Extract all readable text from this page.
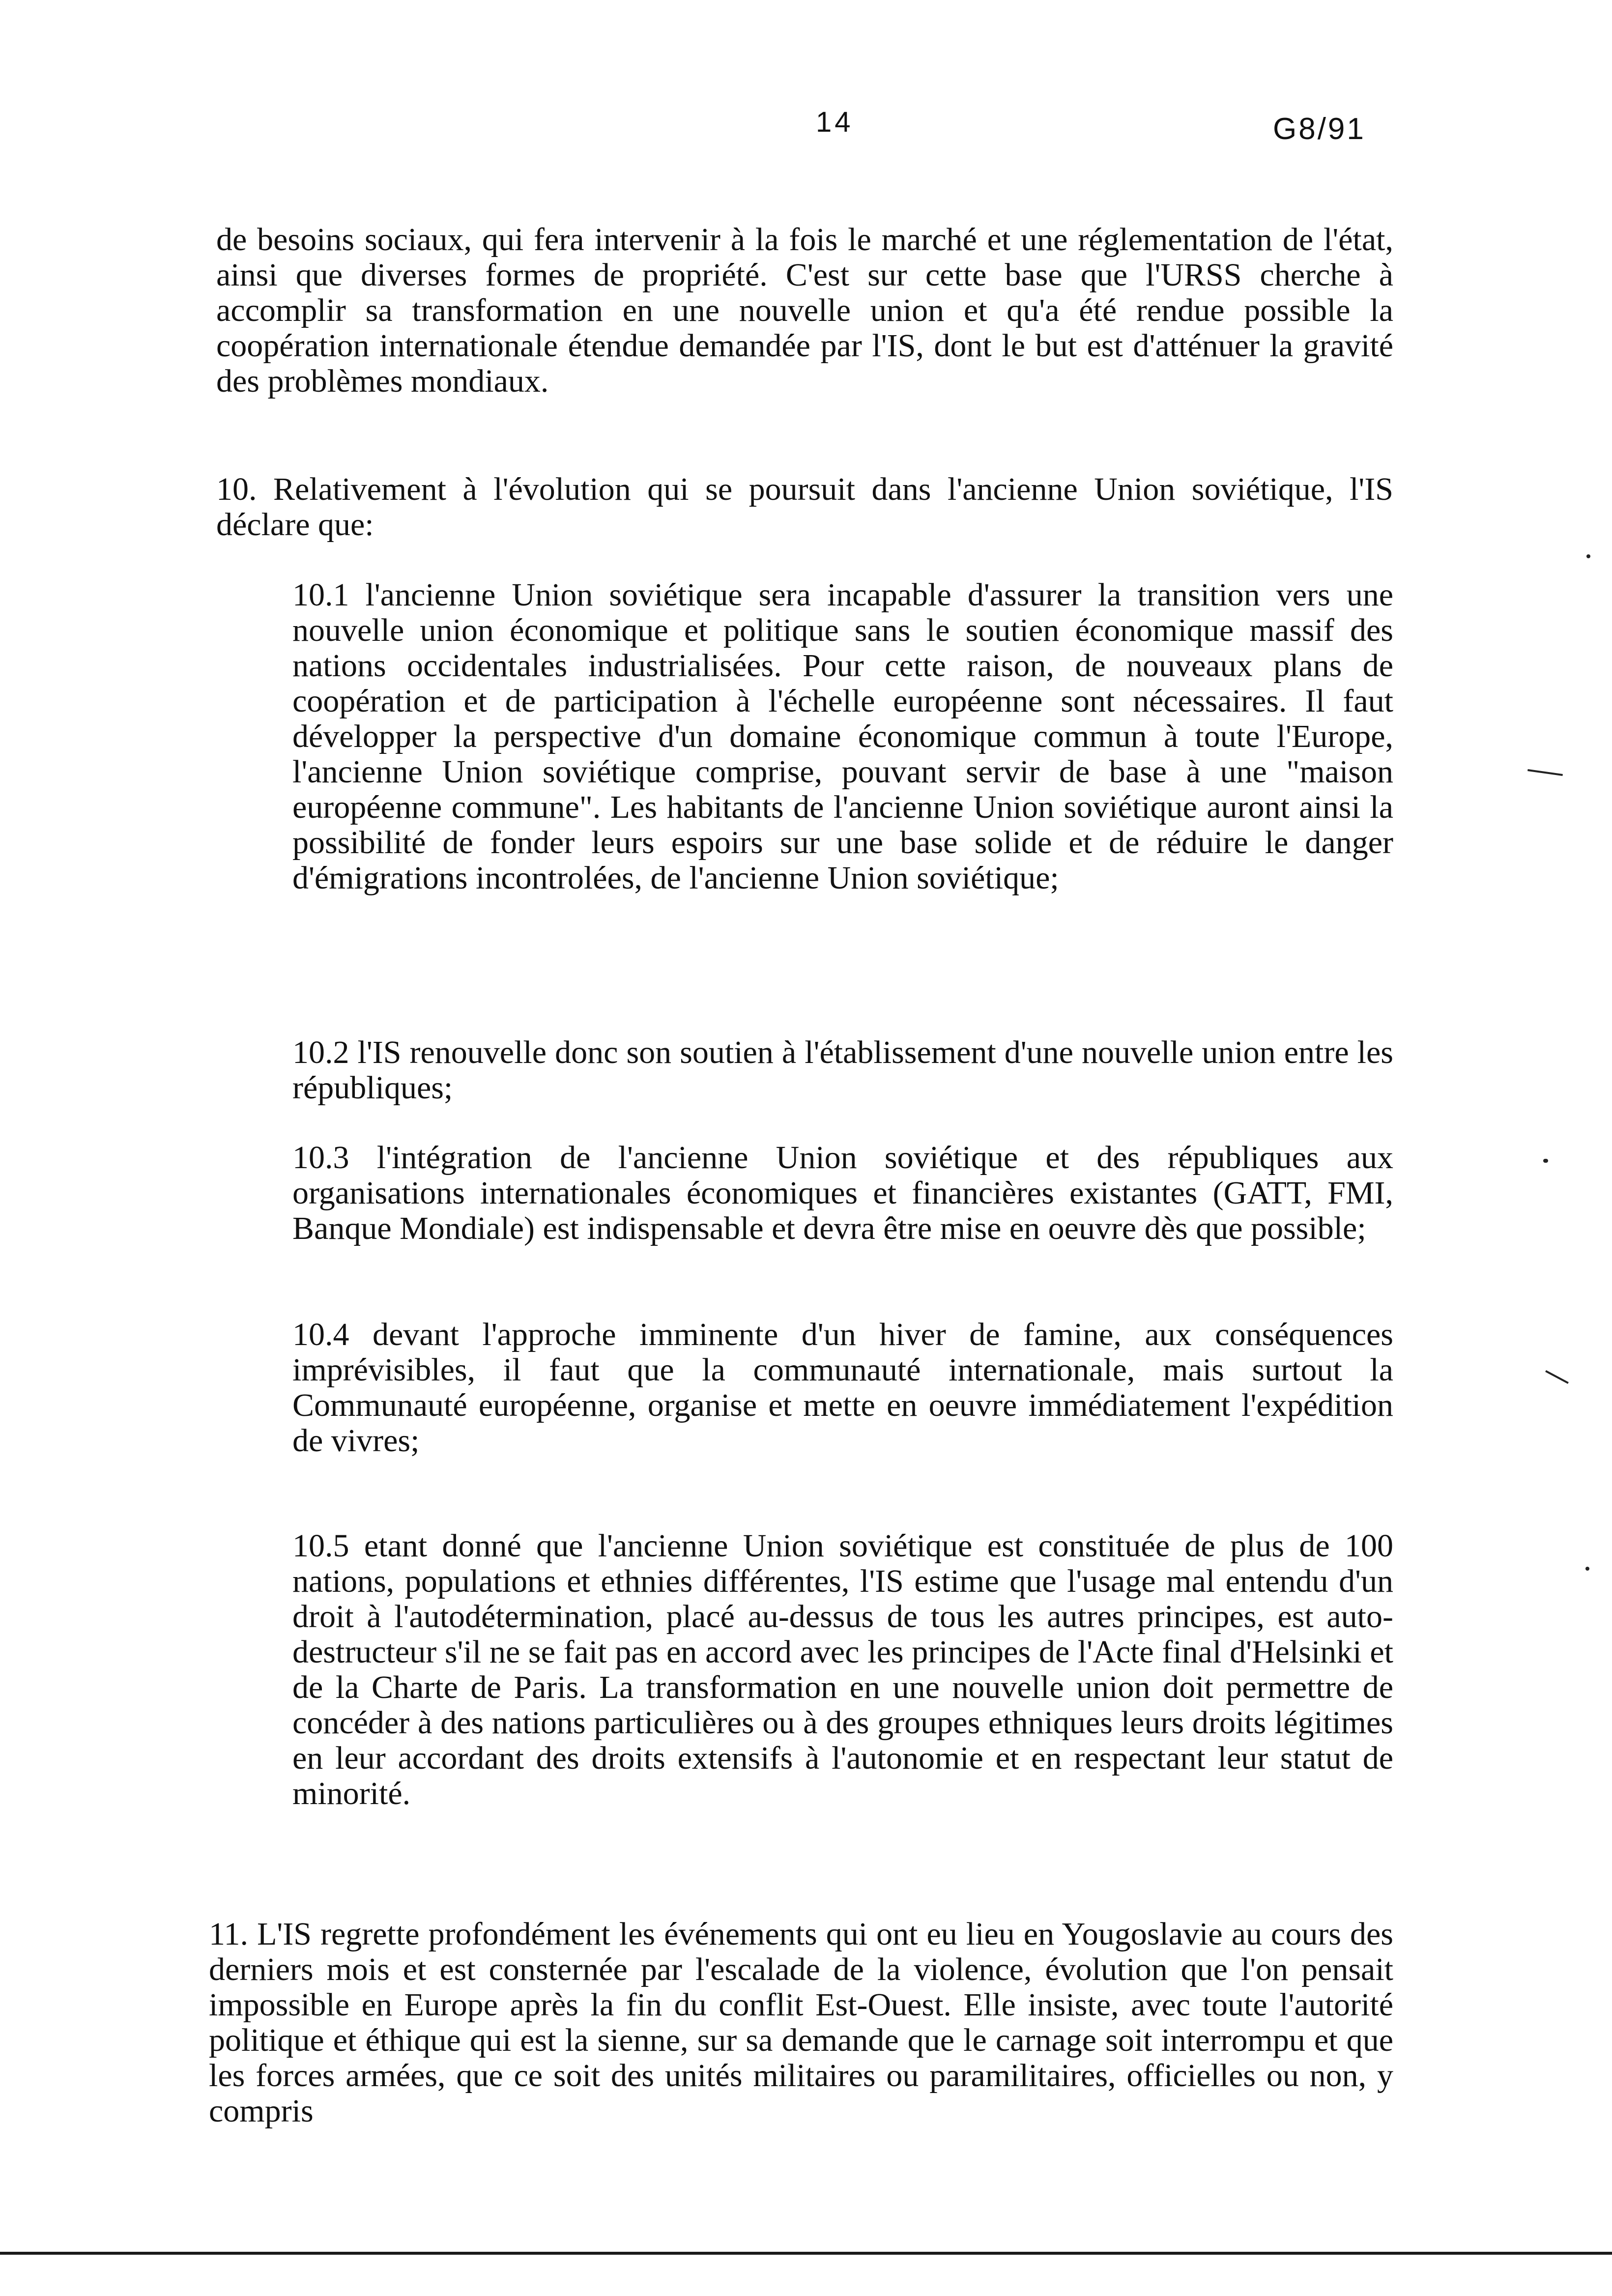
14	G8/91
de besoins sociaux, qui fera intervenir à la fois le marché et une réglementation de l'état, ainsi que diverses formes de propriété. C'est sur cette base que l'URSS cherche à accomplir sa transformation en une nouvelle union et qu'a été rendue possible la coopération internationale étendue demandée par l'IS, dont le but est d'atténuer la gravité des problèmes mondiaux.
10. Relativement à l'évolution qui se poursuit dans l'ancienne Union soviétique, l'IS déclare que:
10.1 l'ancienne Union soviétique sera incapable d'assurer la transition vers une nouvelle union économique et politique sans le soutien économique massif des nations occidentales industrialisées. Pour cette raison, de nouveaux plans de coopération et de participation à l'échelle européenne sont nécessaires. Il faut développer la perspective d'un domaine économique commun à toute l'Europe, l'ancienne Union soviétique comprise, pouvant servir de base à une "maison européenne commune". Les habitants de l'ancienne Union soviétique auront ainsi la possibilité de fonder leurs espoirs sur une base solide et de réduire le danger d'émigrations incontrolées, de l'ancienne Union soviétique;
10.2 l'IS renouvelle donc son soutien à l'établissement d'une nouvelle union entre les républiques;
10.3 l'intégration de l'ancienne Union soviétique et des républiques aux organisations internationales économiques et financières existantes (GATT, FMI, Banque Mondiale) est indispensable et devra être mise en oeuvre dès que possible;
10.4 devant l'approche imminente d'un hiver de famine, aux conséquences imprévisibles, il faut que la communauté internationale, mais surtout la Communauté européenne, organise et mette en oeuvre immédiatement l'expédition de vivres;
10.5 etant donné que l'ancienne Union soviétique est constituée de plus de 100 nations, populations et ethnies différentes, l'IS estime que l'usage mal entendu d'un droit à l'autodétermination, placé au-dessus de tous les autres principes, est auto-destructeur s'il ne se fait pas en accord avec les principes de l'Acte final d'Helsinki et de la Charte de Paris. La transformation en une nouvelle union doit permettre de concéder à des nations particulières ou à des groupes ethniques leurs droits légitimes en leur accordant des droits extensifs à l'autonomie et en respectant leur statut de minorité.
11. L'IS regrette profondément les événements qui ont eu lieu en Yougoslavie au cours des derniers mois et est consternée par l'escalade de la violence, évolution que l'on pensait impossible en Europe après la fin du conflit Est-Ouest. Elle insiste, avec toute l'autorité politique et éthique qui est la sienne, sur sa demande que le carnage soit interrompu et que les forces armées, que ce soit des unités militaires ou paramilitaires, officielles ou non, y compris
